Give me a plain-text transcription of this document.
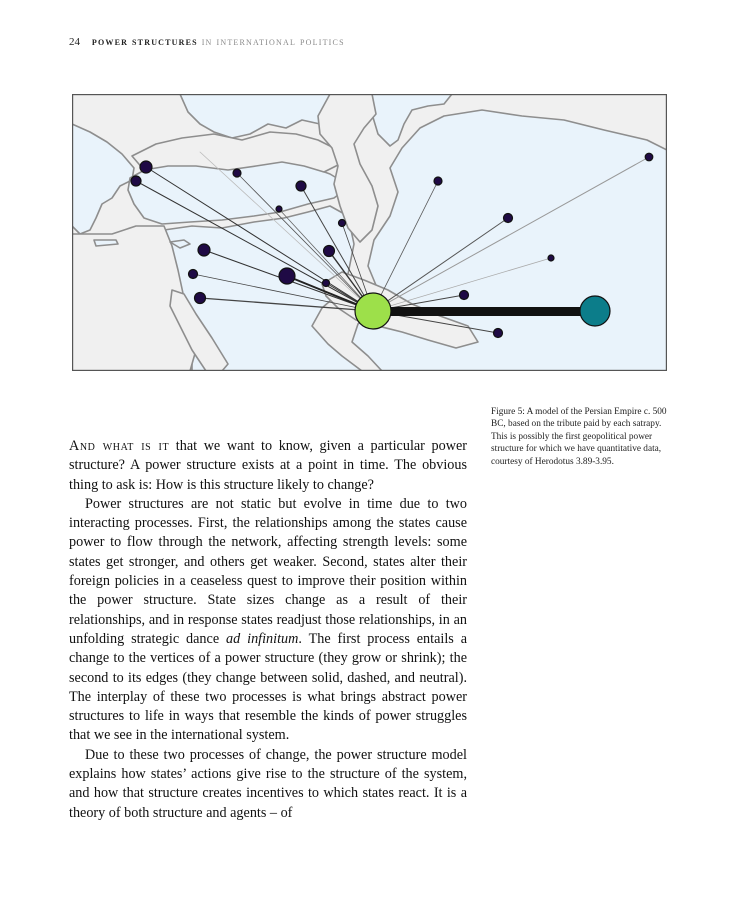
24 power structures in international politics
Figure 5: A model of the Persian Empire c. 500 BC, based on the tribute paid by each satrapy. This is possibly the first geopolitical power structure for which we have quantitative data, courtesy of Herodotus 3.89-3.95.

And what is it that we want to know, given a particular power structure? A power structure exists at a point in time. The obvious thing to ask is: How is this structure likely to change?

Power structures are not static but evolve in time due to two interacting processes. First, the relationships among the states cause power to flow through the network, affecting strength levels: some states get stronger, and others get weaker. Second, states alter their foreign policies in a ceaseless quest to improve their position within the power structure. State sizes change as a result of their relationships, and in response states readjust those relationships, in an unfolding strategic dance ad infinitum. The first process entails a change to the vertices of a power structure (they grow or shrink); the second to its edges (they change between solid, dashed, and neutral). The interplay of these two processes is what brings abstract power structures to life in ways that resemble the kinds of power struggles that we see in the international system.

Due to these two processes of change, the power structure model explains how states’ actions give rise to the structure of the system, and how that structure creates incentives to which states react. It is a theory of both structure and agents – of
